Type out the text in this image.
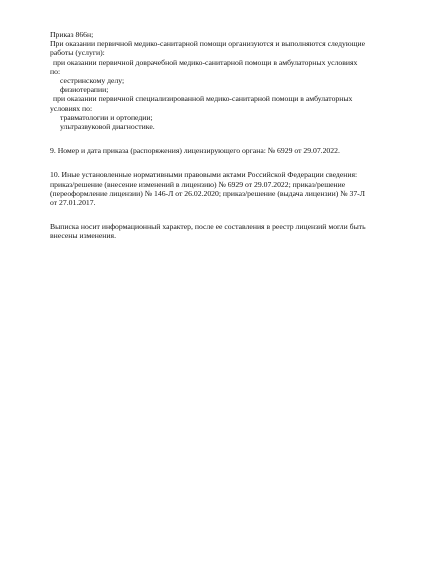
Приказ 866н;
При оказании первичной медико-санитарной помощи организуются и выполняются следующие
работы (услуги):
при оказании первичной доврачебной медико-санитарной помощи в амбулаторных условиях
по:
сестринскому делу;
физиотерапии;
при оказании первичной специализированной медико-санитарной помощи в амбулаторных
условиях по:
травматологии и ортопедии;
ультразвуковой диагностике.
9. Номер и дата приказа (распоряжения) лицензирующего органа: № 6929 от 29.07.2022.
10. Иные установленные нормативными правовыми актами Российской Федерации сведения:
приказ/решение (внесение изменений в лицензию) № 6929 от 29.07.2022; приказ/решение
(переоформление лицензии) № 146-Л от 26.02.2020; приказ/решение (выдача лицензии) № 37-Л
от 27.01.2017.
Выписка носит информационный характер, после ее составления в реестр лицензий могли быть
внесены изменения.
